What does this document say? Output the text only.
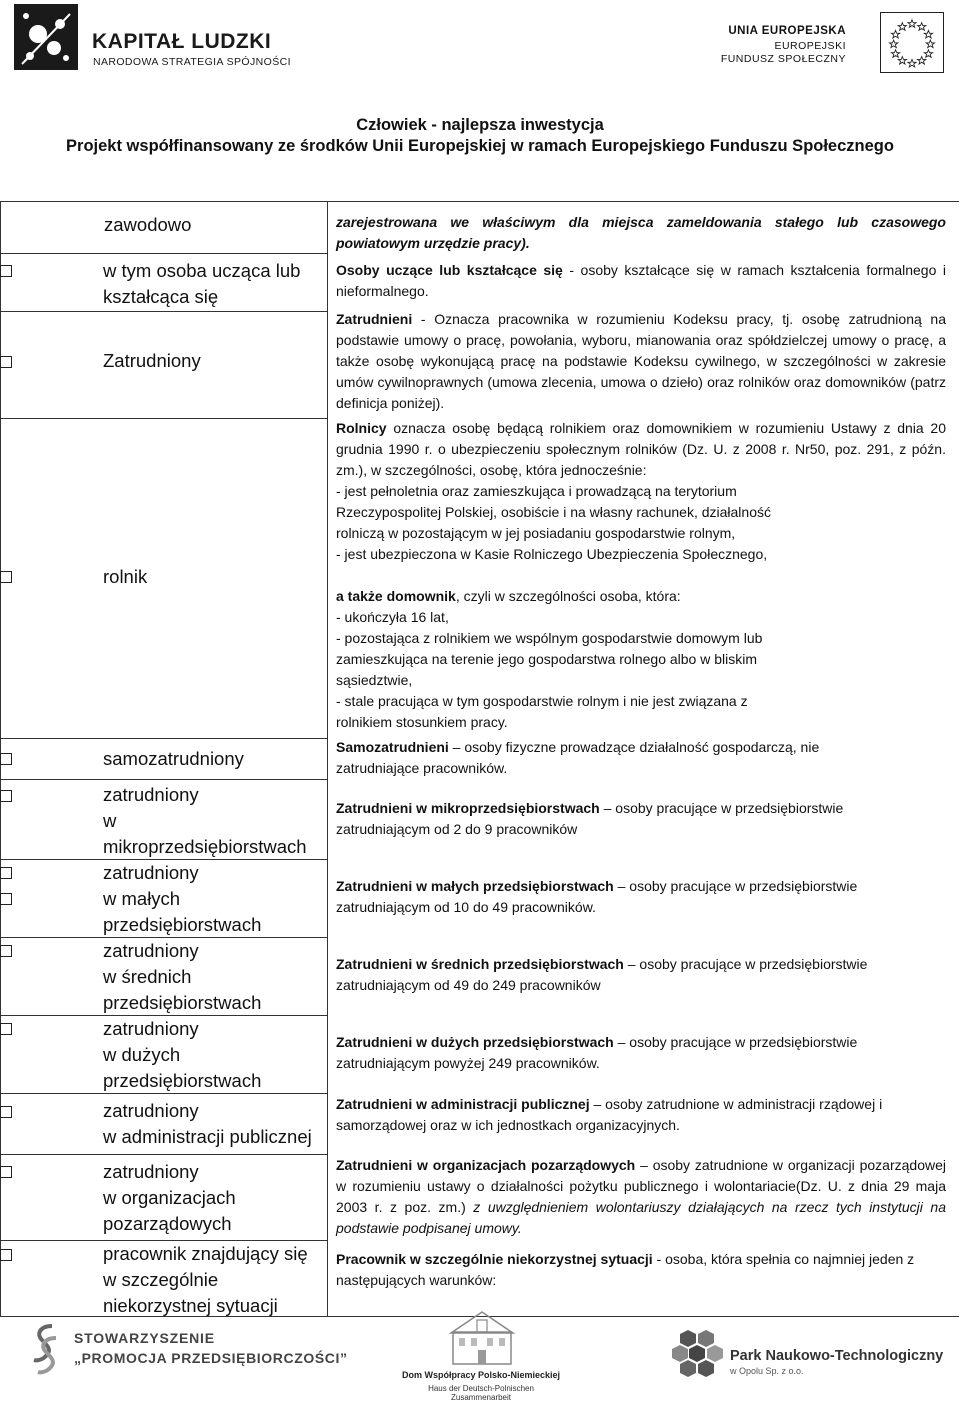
KAPITAŁ LUDZKI
NARODOWA STRATEGIA SPÓJNOŚCI
UNIA EUROPEJSKA
EUROPEJSKI
FUNDUSZ SPOŁECZNY
Człowiek - najlepsza inwestycja
Projekt współfinansowany ze środków Unii Europejskiej w ramach Europejskiego Funduszu Społecznego
zawodowo
w tym osoba ucząca lub
kształcąca się
Zatrudniony
rolnik
samozatrudniony
zatrudniony
w
mikroprzedsiębiorstwach
zatrudniony
w małych
przedsiębiorstwach
zatrudniony
w średnich
przedsiębiorstwach
zatrudniony
w dużych
przedsiębiorstwach
zatrudniony
w administracji publicznej
zatrudniony
w organizacjach
pozarządowych
pracownik znajdujący się
w szczególnie
niekorzystnej sytuacji

zarejestrowana we właściwym dla miejsca zameldowania stałego lub czasowego powiatowym urzędzie pracy).

Osoby uczące lub kształcące się - osoby kształcące się w ramach kształcenia formalnego i nieformalnego.

Zatrudnieni - Oznacza pracownika w rozumieniu Kodeksu pracy, tj. osobę zatrudnioną na podstawie umowy o pracę, powołania, wyboru, mianowania oraz spółdzielczej umowy o pracę, a także osobę wykonującą pracę na podstawie Kodeksu cywilnego, w szczególności w zakresie umów cywilnoprawnych (umowa zlecenia, umowa o dzieło) oraz rolników oraz domowników (patrz definicja poniżej).

Rolnicy oznacza osobę będącą rolnikiem oraz domownikiem w rozumieniu Ustawy z dnia 20 grudnia 1990 r. o ubezpieczeniu społecznym rolników (Dz. U. z 2008 r. Nr50, poz. 291, z późn. zm.), w szczególności, osobę, która jednocześnie:

- jest pełnoletnia oraz zamieszkująca i prowadzącą na terytorium
Rzeczypospolitej Polskiej, osobiście i na własny rachunek, działalność
rolniczą w pozostającym w jej posiadaniu gospodarstwie rolnym,
- jest ubezpieczona w Kasie Rolniczego Ubezpieczenia Społecznego,

a także domownik, czyli w szczególności osoba, która:

- ukończyła 16 lat,
- pozostająca z rolnikiem we wspólnym gospodarstwie domowym lub
zamieszkująca na terenie jego gospodarstwa rolnego albo w bliskim
sąsiedztwie,
- stale pracująca w tym gospodarstwie rolnym i nie jest związana z
rolnikiem stosunkiem pracy.

Samozatrudnieni – osoby fizyczne prowadzące działalność gospodarczą, nie zatrudniające pracowników.

Zatrudnieni w mikroprzedsiębiorstwach – osoby pracujące w przedsiębiorstwie zatrudniającym od 2 do 9 pracowników

Zatrudnieni w małych przedsiębiorstwach – osoby pracujące w przedsiębiorstwie zatrudniającym od 10 do 49 pracowników.

Zatrudnieni w średnich przedsiębiorstwach – osoby pracujące w przedsiębiorstwie zatrudniającym od 49 do 249 pracowników

Zatrudnieni w dużych przedsiębiorstwach – osoby pracujące w przedsiębiorstwie zatrudniającym powyżej 249 pracowników.

Zatrudnieni w administracji publicznej – osoby zatrudnione w administracji rządowej i samorządowej oraz w ich jednostkach organizacyjnych.

Zatrudnieni w organizacjach pozarządowych – osoby zatrudnione w organizacji pozarządowej w rozumieniu ustawy o działalności pożytku publicznego i wolontariacie(Dz. U. z dnia 29 maja 2003 r. z poz. zm.) z uwzględnieniem wolontariuszy działających na rzecz tych instytucji na podstawie podpisanej umowy.

Pracownik w szczególnie niekorzystnej sytuacji - osoba, która spełnia co najmniej jeden z następujących warunków:

STOWARZYSZENIE
„PROMOCJA PRZEDSIĘBIORCZOŚCI”
Dom Współpracy Polsko-Niemieckiej
Haus der Deutsch-Polnischen Zusammenarbeit
Park Naukowo-Technologiczny
w Opolu Sp. z o.o.
